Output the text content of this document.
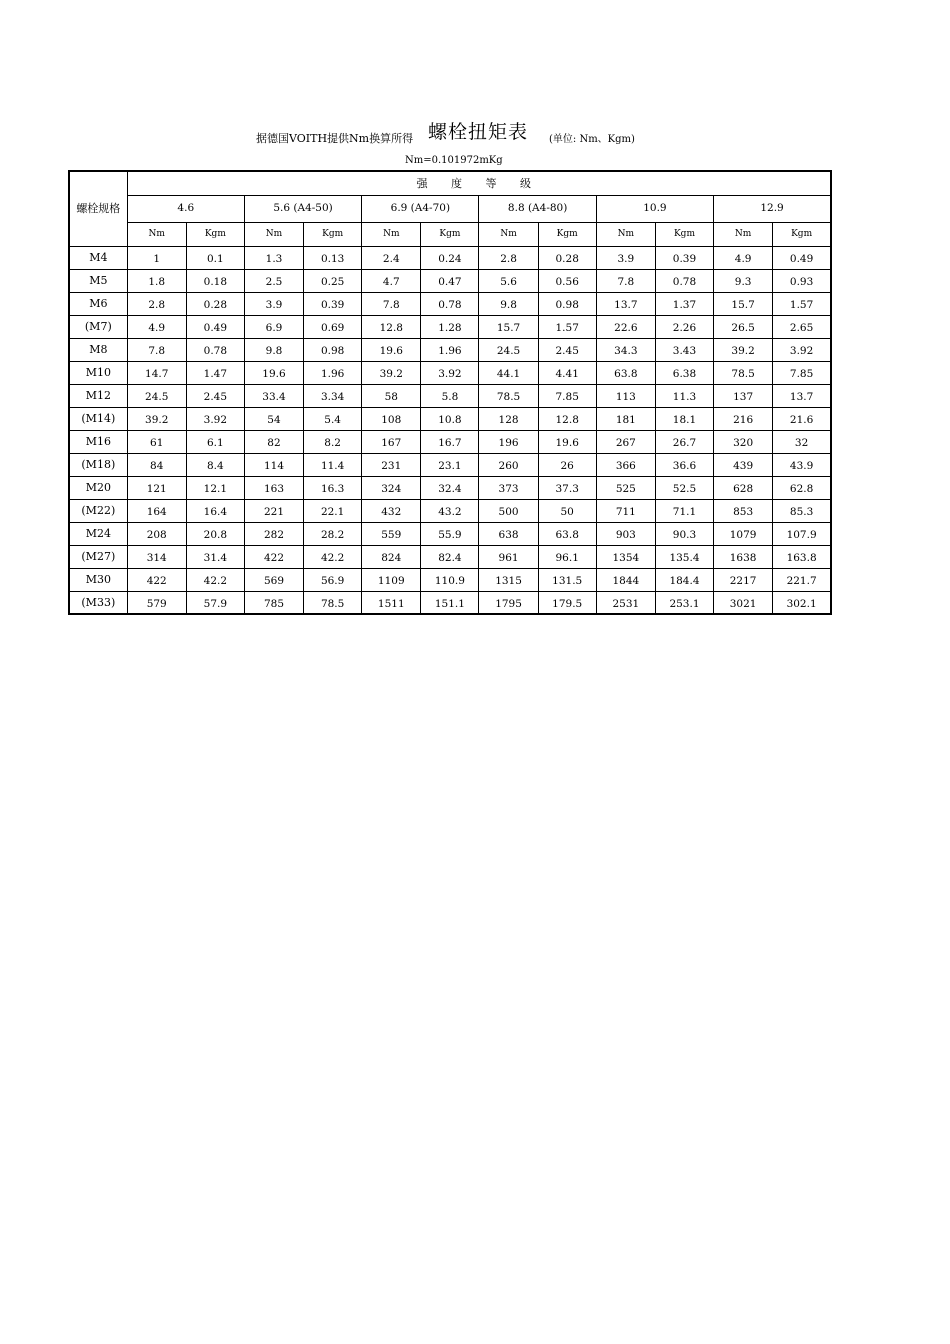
据德国VOITH提供Nm换算所得 螺栓扭矩表 (单位: Nm、Kgm)
Nm=0.101972mKg
螺栓规格	强 度 等 级											
	4.6		5.6 (A4-50)		6.9 (A4-70)		8.8 (A4-80)		10.9		12.9	
	Nm	Kgm	Nm	Kgm	Nm	Kgm	Nm	Kgm	Nm	Kgm	Nm	Kgm
M4	1	0.1	1.3	0.13	2.4	0.24	2.8	0.28	3.9	0.39	4.9	0.49
M5	1.8	0.18	2.5	0.25	4.7	0.47	5.6	0.56	7.8	0.78	9.3	0.93
M6	2.8	0.28	3.9	0.39	7.8	0.78	9.8	0.98	13.7	1.37	15.7	1.57
(M7)	4.9	0.49	6.9	0.69	12.8	1.28	15.7	1.57	22.6	2.26	26.5	2.65
M8	7.8	0.78	9.8	0.98	19.6	1.96	24.5	2.45	34.3	3.43	39.2	3.92
M10	14.7	1.47	19.6	1.96	39.2	3.92	44.1	4.41	63.8	6.38	78.5	7.85
M12	24.5	2.45	33.4	3.34	58	5.8	78.5	7.85	113	11.3	137	13.7
(M14)	39.2	3.92	54	5.4	108	10.8	128	12.8	181	18.1	216	21.6
M16	61	6.1	82	8.2	167	16.7	196	19.6	267	26.7	320	32
(M18)	84	8.4	114	11.4	231	23.1	260	26	366	36.6	439	43.9
M20	121	12.1	163	16.3	324	32.4	373	37.3	525	52.5	628	62.8
(M22)	164	16.4	221	22.1	432	43.2	500	50	711	71.1	853	85.3
M24	208	20.8	282	28.2	559	55.9	638	63.8	903	90.3	1079	107.9
(M27)	314	31.4	422	42.2	824	82.4	961	96.1	1354	135.4	1638	163.8
M30	422	42.2	569	56.9	1109	110.9	1315	131.5	1844	184.4	2217	221.7
(M33)	579	57.9	785	78.5	1511	151.1	1795	179.5	2531	253.1	3021	302.1
